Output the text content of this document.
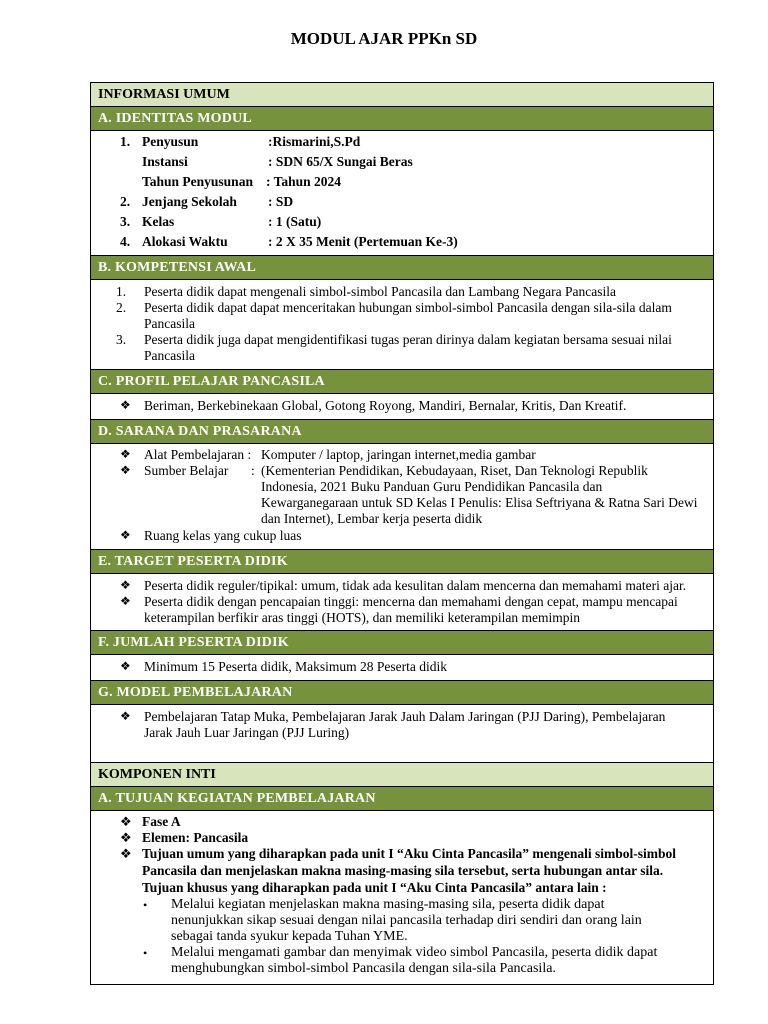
MODUL AJAR PPKn SD
INFORMASI UMUM
A. IDENTITAS MODUL
1. Penyusun	:Rismarini,S.Pd
Instansi	: SDN 65/X Sungai Beras
Tahun Penyusunan : Tahun 2024
2. Jenjang Sekolah : SD
3. Kelas	: 1 (Satu)
4. Alokasi Waktu	: 2 X 35 Menit (Pertemuan Ke-3)
B. KOMPETENSI AWAL
1. Peserta didik dapat mengenali simbol-simbol Pancasila dan Lambang Negara Pancasila
2. Peserta didik dapat dapat menceritakan hubungan simbol-simbol Pancasila dengan sila-sila dalam
Pancasila
3. Peserta didik juga dapat mengidentifikasi tugas peran dirinya dalam kegiatan bersama sesuai nilai
Pancasila
C. PROFIL PELAJAR PANCASILA
❖ Beriman, Berkebinekaan Global, Gotong Royong, Mandiri, Bernalar, Kritis, Dan Kreatif.
D. SARANA DAN PRASARANA
❖ Alat Pembelajaran : Komputer / laptop, jaringan internet,media gambar
❖ Sumber Belajar : (Kementerian Pendidikan, Kebudayaan, Riset, Dan Teknologi Republik
Indonesia, 2021 Buku Panduan Guru Pendidikan Pancasila dan
Kewarganegaraan untuk SD Kelas I Penulis: Elisa Seftriyana & Ratna Sari Dewi
dan Internet), Lembar kerja peserta didik
❖ Ruang kelas yang cukup luas
E. TARGET PESERTA DIDIK
❖ Peserta didik reguler/tipikal: umum, tidak ada kesulitan dalam mencerna dan memahami materi ajar.
❖ Peserta didik dengan pencapaian tinggi: mencerna dan memahami dengan cepat, mampu mencapai
keterampilan berfikir aras tinggi (HOTS), dan memiliki keterampilan memimpin
F. JUMLAH PESERTA DIDIK
❖ Minimum 15 Peserta didik, Maksimum 28 Peserta didik
G. MODEL PEMBELAJARAN
❖ Pembelajaran Tatap Muka, Pembelajaran Jarak Jauh Dalam Jaringan (PJJ Daring), Pembelajaran
Jarak Jauh Luar Jaringan (PJJ Luring)
KOMPONEN INTI
A. TUJUAN KEGIATAN PEMBELAJARAN
❖ Fase A
❖ Elemen: Pancasila
❖ Tujuan umum yang diharapkan pada unit I “Aku Cinta Pancasila” mengenali simbol-simbol
Pancasila dan menjelaskan makna masing-masing sila tersebut, serta hubungan antar sila.
Tujuan khusus yang diharapkan pada unit I “Aku Cinta Pancasila” antara lain :
• Melalui kegiatan menjelaskan makna masing-masing sila, peserta didik dapat
nenunjukkan sikap sesuai dengan nilai pancasila terhadap diri sendiri dan orang lain
sebagai tanda syukur kepada Tuhan YME.
• Melalui mengamati gambar dan menyimak video simbol Pancasila, peserta didik dapat
menghubungkan simbol-simbol Pancasila dengan sila-sila Pancasila.
